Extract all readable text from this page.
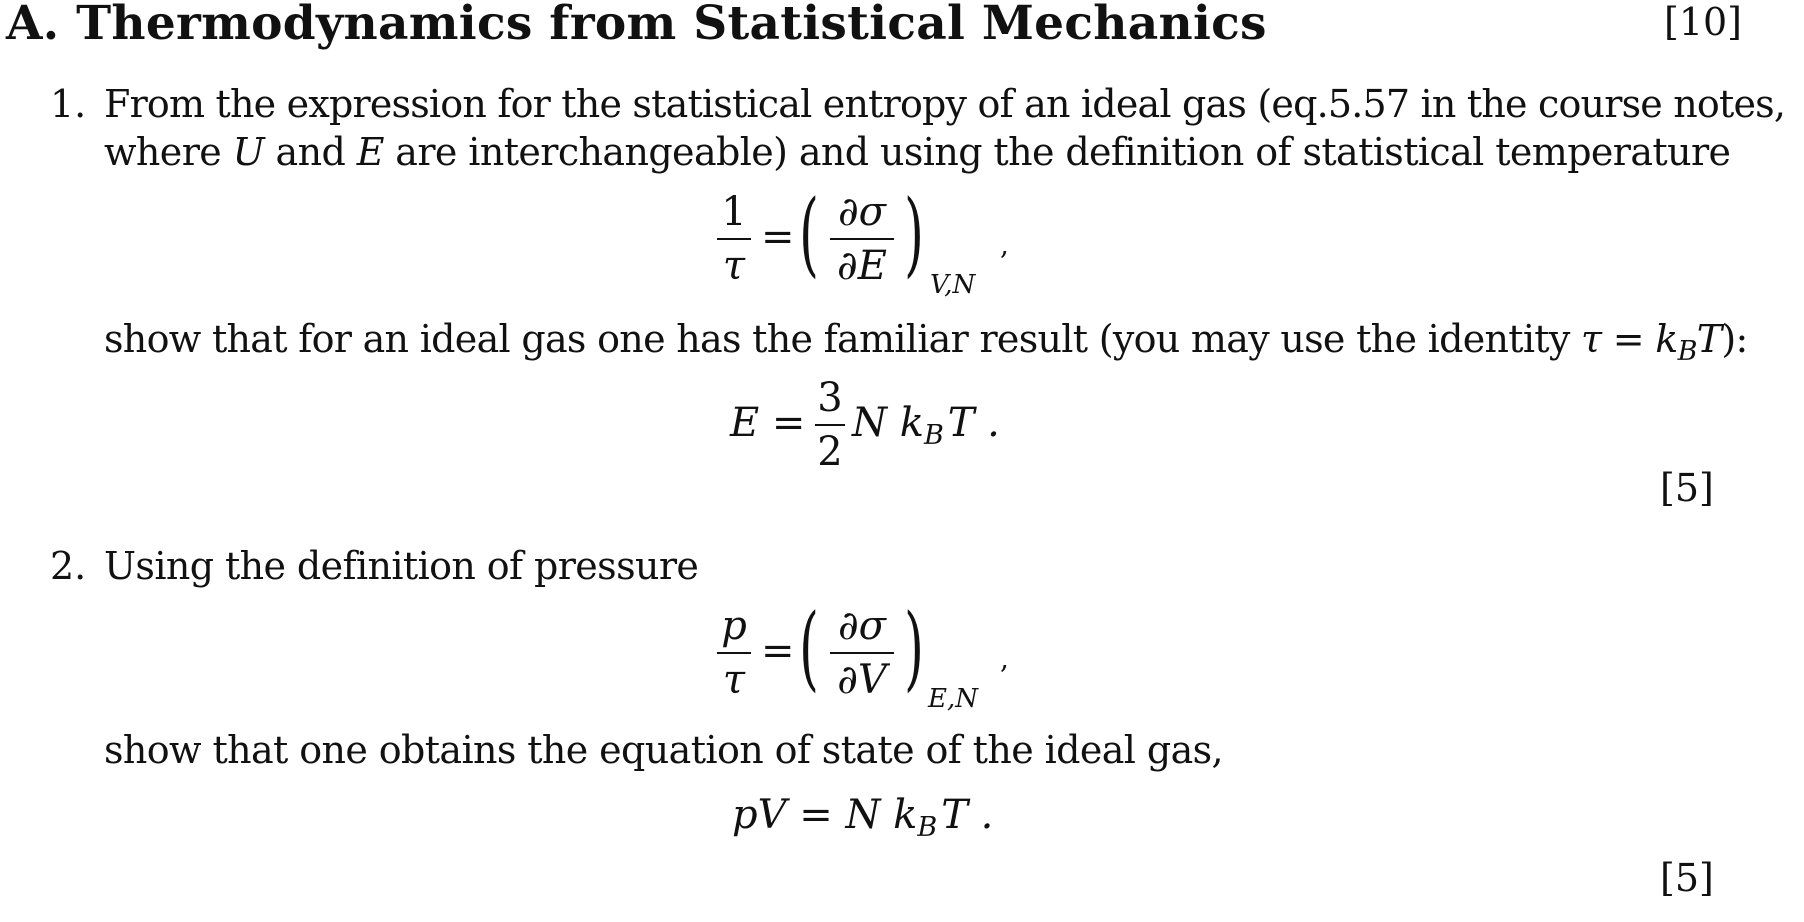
A. Thermodynamics from Statistical Mechanics	[10]
1. From the expression for the statistical entropy of an ideal gas (eq.5.57 in the course notes,
where U and E are interchangeable) and using the definition of statistical temperature
1
τ
= ( ∂σ
∂E ) V,N
,
show that for an ideal gas one has the familiar result (you may use the identity $\tau = k_BT$):
E =
3
2
N $k_B$ T .
[5]
2. Using the definition of pressure
p
τ
= ( ∂σ
∂V ) E,N
,
show that one obtains the equation of state of the ideal gas,
pV = N $k_B$ T .
[5]
